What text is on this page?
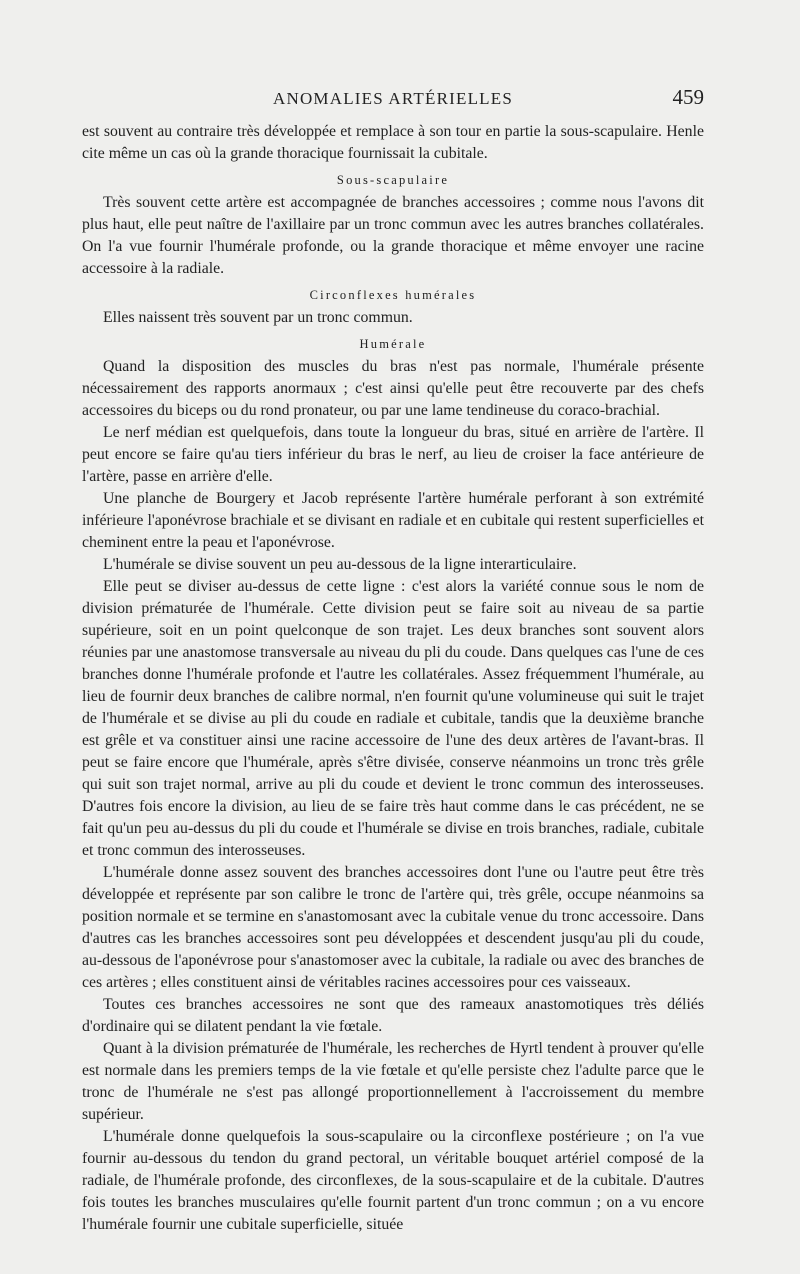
ANOMALIES ARTÉRIELLES	459

est souvent au contraire très développée et remplace à son tour en partie la sous-scapulaire. Henle cite même un cas où la grande thoracique fournissait la cubitale.

Sous-scapulaire

Très souvent cette artère est accompagnée de branches accessoires ; comme nous l'avons dit plus haut, elle peut naître de l'axillaire par un tronc commun avec les autres branches collatérales. On l'a vue fournir l'humérale profonde, ou la grande thoracique et même envoyer une racine accessoire à la radiale.

Circonflexes humérales

Elles naissent très souvent par un tronc commun.

Humérale

Quand la disposition des muscles du bras n'est pas normale, l'humérale présente nécessairement des rapports anormaux ; c'est ainsi qu'elle peut être recouverte par des chefs accessoires du biceps ou du rond pronateur, ou par une lame tendineuse du coraco-brachial.

Le nerf médian est quelquefois, dans toute la longueur du bras, situé en arrière de l'artère. Il peut encore se faire qu'au tiers inférieur du bras le nerf, au lieu de croiser la face antérieure de l'artère, passe en arrière d'elle.

Une planche de Bourgery et Jacob représente l'artère humérale perforant à son extrémité inférieure l'aponévrose brachiale et se divisant en radiale et en cubitale qui restent superficielles et cheminent entre la peau et l'aponévrose.

L'humérale se divise souvent un peu au-dessous de la ligne interarticulaire.

Elle peut se diviser au-dessus de cette ligne : c'est alors la variété connue sous le nom de division prématurée de l'humérale. Cette division peut se faire soit au niveau de sa partie supérieure, soit en un point quelconque de son trajet. Les deux branches sont souvent alors réunies par une anastomose transversale au niveau du pli du coude. Dans quelques cas l'une de ces branches donne l'humérale profonde et l'autre les collatérales. Assez fréquemment l'humérale, au lieu de fournir deux branches de calibre normal, n'en fournit qu'une volumineuse qui suit le trajet de l'humérale et se divise au pli du coude en radiale et cubitale, tandis que la deuxième branche est grêle et va constituer ainsi une racine accessoire de l'une des deux artères de l'avant-bras. Il peut se faire encore que l'humérale, après s'être divisée, conserve néanmoins un tronc très grêle qui suit son trajet normal, arrive au pli du coude et devient le tronc commun des interosseuses. D'autres fois encore la division, au lieu de se faire très haut comme dans le cas précédent, ne se fait qu'un peu au-dessus du pli du coude et l'humérale se divise en trois branches, radiale, cubitale et tronc commun des interosseuses.

L'humérale donne assez souvent des branches accessoires dont l'une ou l'autre peut être très développée et représente par son calibre le tronc de l'artère qui, très grêle, occupe néanmoins sa position normale et se termine en s'anastomosant avec la cubitale venue du tronc accessoire. Dans d'autres cas les branches accessoires sont peu développées et descendent jusqu'au pli du coude, au-dessous de l'aponévrose pour s'anastomoser avec la cubitale, la radiale ou avec des branches de ces artères ; elles constituent ainsi de véritables racines accessoires pour ces vaisseaux.

Toutes ces branches accessoires ne sont que des rameaux anastomotiques très déliés d'ordinaire qui se dilatent pendant la vie fœtale.

Quant à la division prématurée de l'humérale, les recherches de Hyrtl tendent à prouver qu'elle est normale dans les premiers temps de la vie fœtale et qu'elle persiste chez l'adulte parce que le tronc de l'humérale ne s'est pas allongé proportionnellement à l'accroissement du membre supérieur.

L'humérale donne quelquefois la sous-scapulaire ou la circonflexe postérieure ; on l'a vue fournir au-dessous du tendon du grand pectoral, un véritable bouquet artériel composé de la radiale, de l'humérale profonde, des circonflexes, de la sous-scapulaire et de la cubitale. D'autres fois toutes les branches musculaires qu'elle fournit partent d'un tronc commun ; on a vu encore l'humérale fournir une cubitale superficielle, située
